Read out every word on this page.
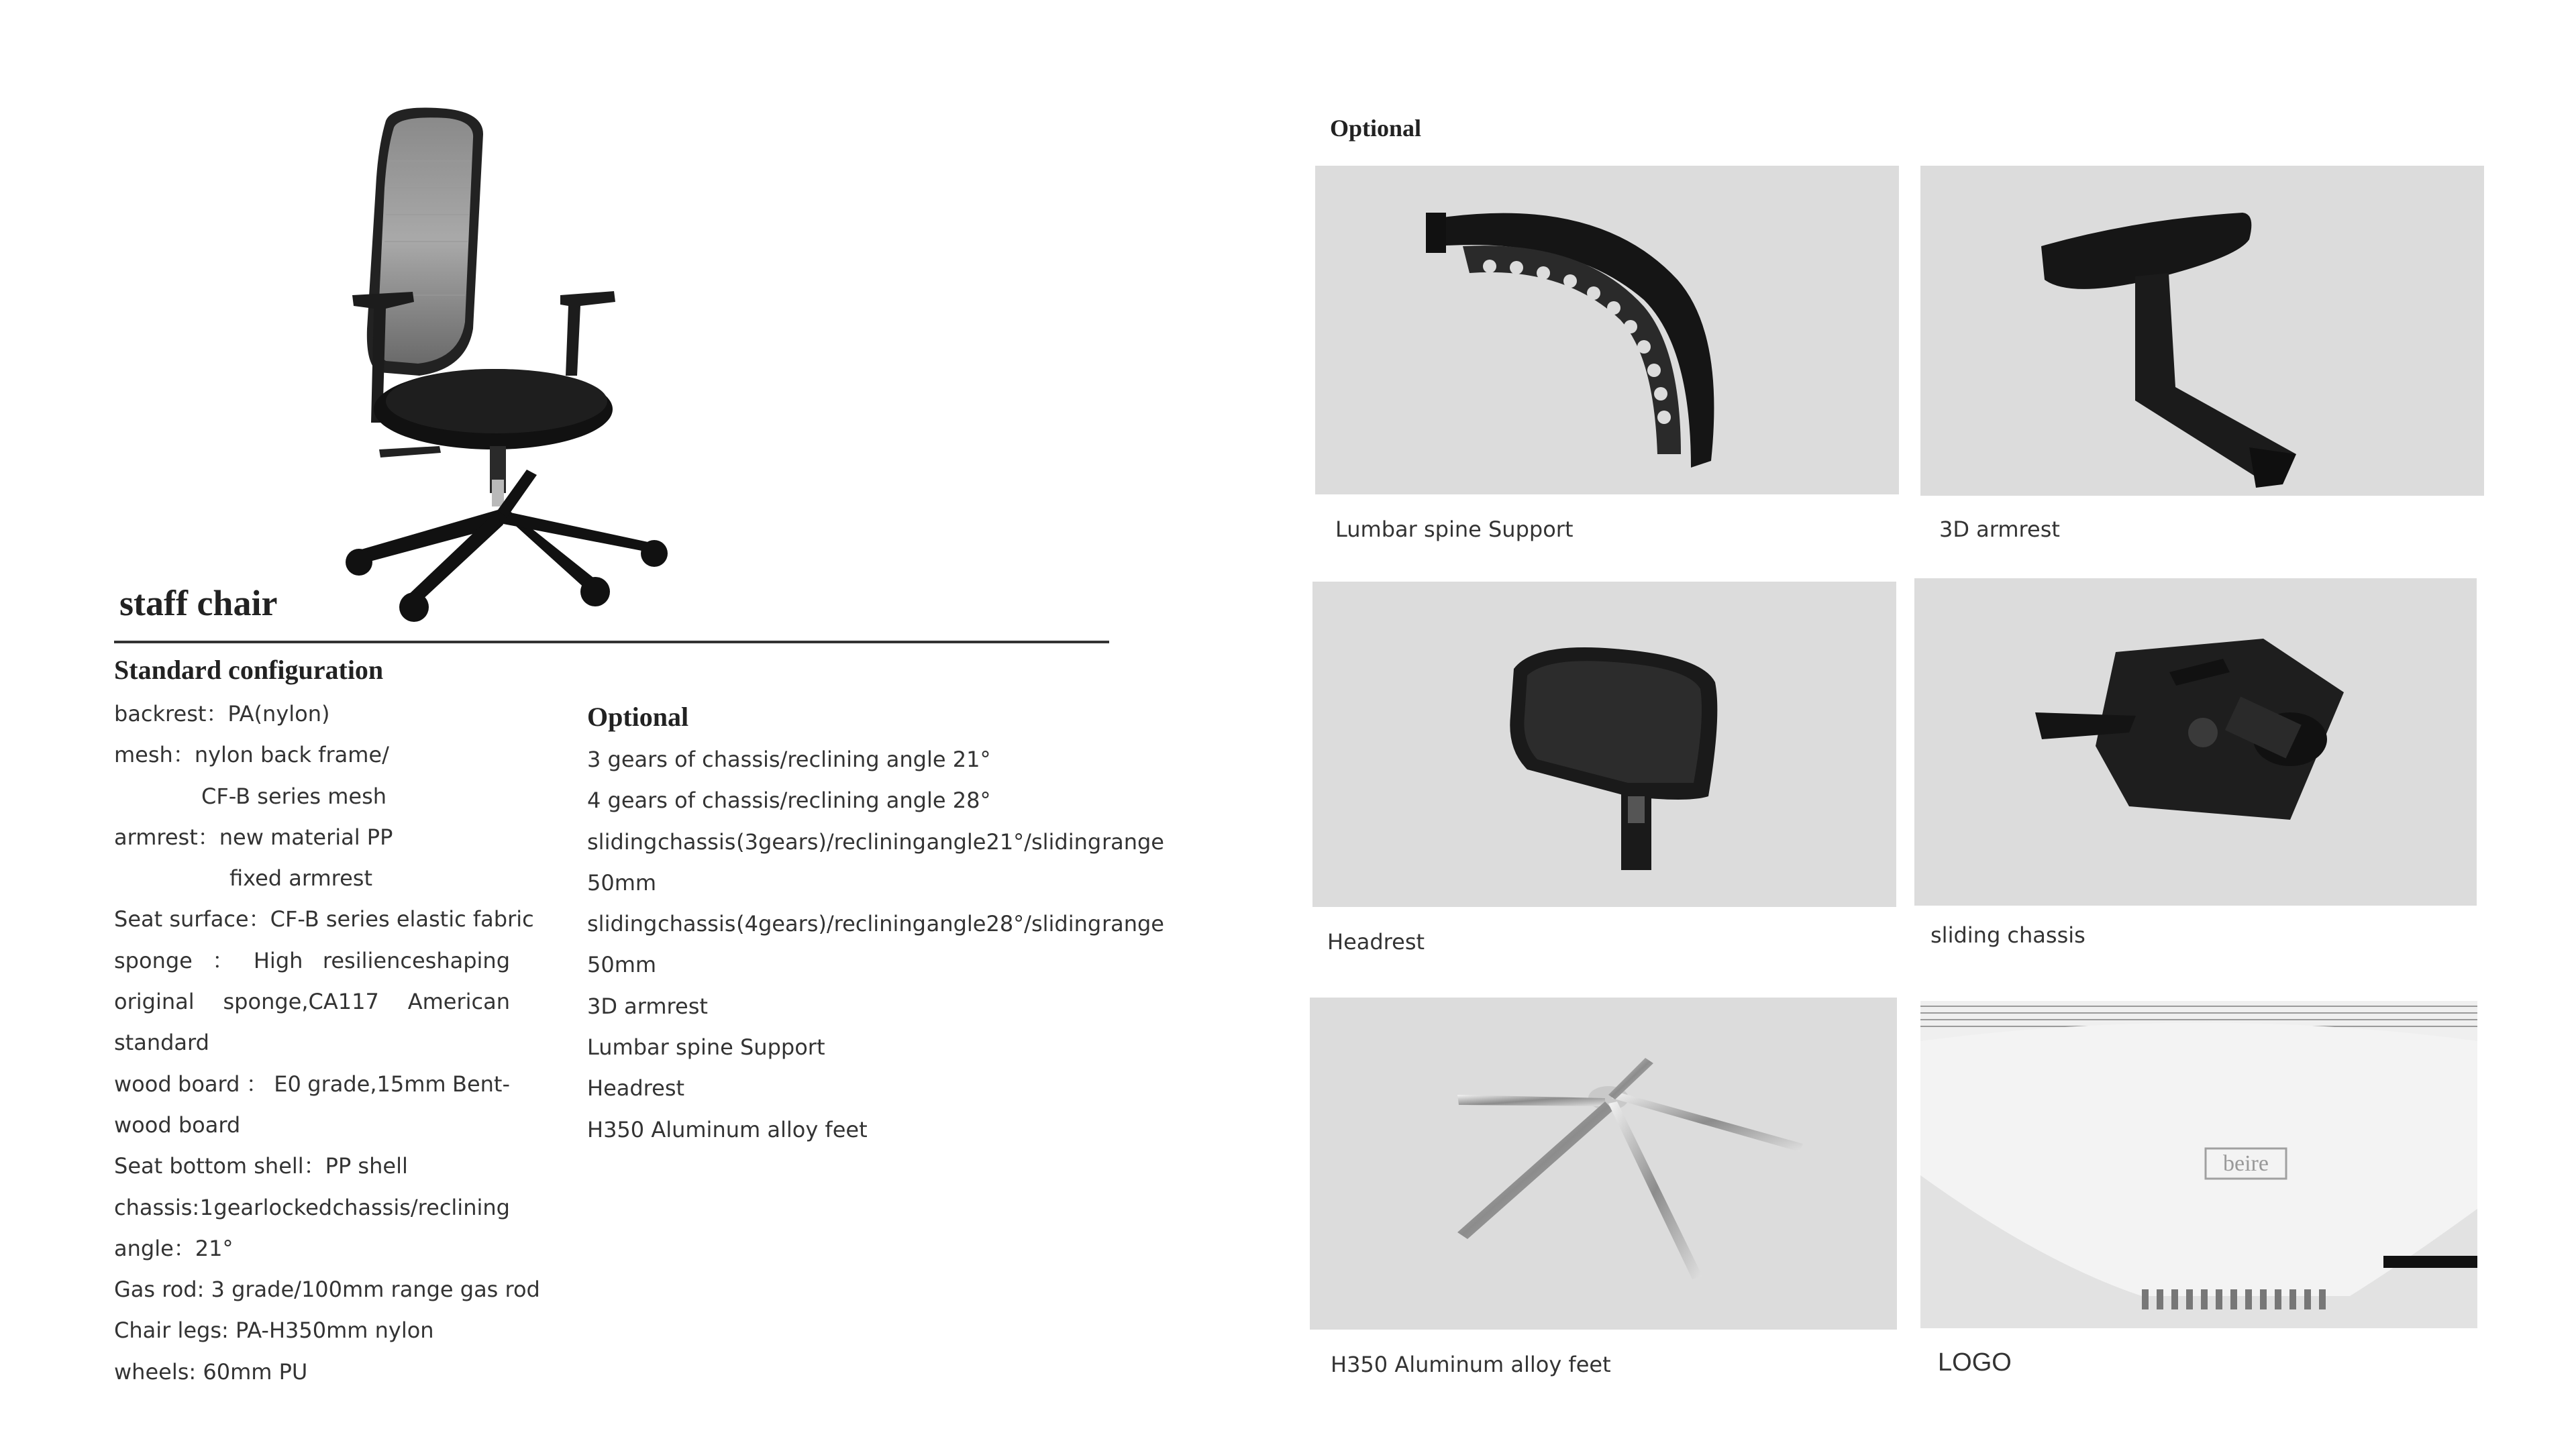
staff chair
Standard configuration
backrest：PA(nylon)
mesh：nylon back frame/
CF-B series mesh
armrest：new material PP
fixed armrest
Seat surface：CF-B series elastic fabric
sponge ： High resilienceshaping
original sponge,CA117 American
standard
wood board ： E0 grade,15mm Bent-
wood board
Seat bottom shell：PP shell
chassis: 1 gear locked chassis/reclining
angle：21°
Gas rod: 3 grade/100mm range gas rod
Chair legs: PA-H350mm nylon
wheels: 60mm PU
Optional
3 gears of chassis/reclining angle 21°
4 gears of chassis/reclining angle 28°
sliding chassis (3gears)/reclining angle21°/sliding range
50mm
sliding chassis (4gears)/reclining angle28°/sliding range
50mm
3D armrest
Lumbar spine Support
Headrest
H350 Aluminum alloy feet
Optional
Lumbar spine Support	3D armrest
Headrest	sliding chassis
H350 Aluminum alloy feet
beire
LOGO
